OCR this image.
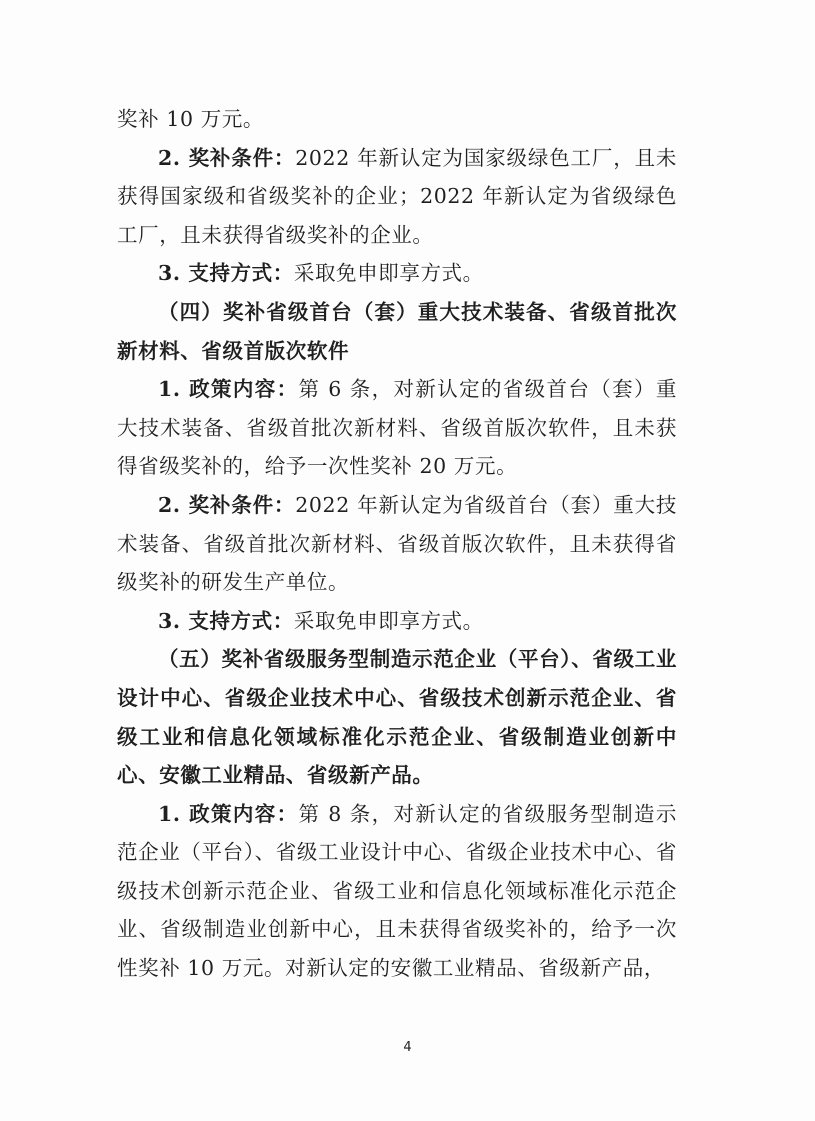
奖补 10 万元。

2. 奖补条件：2022 年新认定为国家级绿色工厂，且未获得国家级和省级奖补的企业；2022 年新认定为省级绿色工厂，且未获得省级奖补的企业。

3. 支持方式：采取免申即享方式。

（四）奖补省级首台（套）重大技术装备、省级首批次新材料、省级首版次软件

1. 政策内容：第 6 条，对新认定的省级首台（套）重大技术装备、省级首批次新材料、省级首版次软件，且未获得省级奖补的，给予一次性奖补 20 万元。

2. 奖补条件：2022 年新认定为省级首台（套）重大技术装备、省级首批次新材料、省级首版次软件，且未获得省级奖补的研发生产单位。

3. 支持方式：采取免申即享方式。

（五）奖补省级服务型制造示范企业（平台）、省级工业设计中心、省级企业技术中心、省级技术创新示范企业、省级工业和信息化领域标准化示范企业、省级制造业创新中心、安徽工业精品、省级新产品。

1. 政策内容：第 8 条，对新认定的省级服务型制造示范企业（平台）、省级工业设计中心、省级企业技术中心、省级技术创新示范企业、省级工业和信息化领域标准化示范企业、省级制造业创新中心，且未获得省级奖补的，给予一次性奖补 10 万元。对新认定的安徽工业精品、省级新产品，

4
